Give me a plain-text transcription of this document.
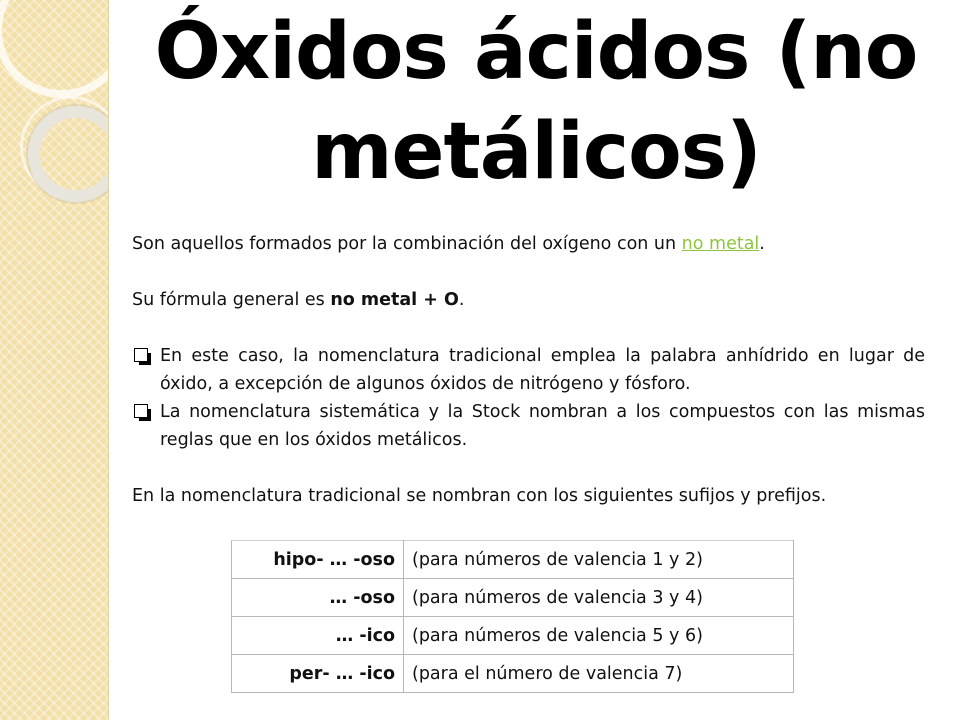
Óxidos ácidos (no
metálicos)

Son aquellos formados por la combinación del oxígeno con un no metal.

Su fórmula general es no metal + O.

En este caso, la nomenclatura tradicional emplea la palabra anhídrido en lugar de óxido, a excepción de algunos óxidos de nitrógeno y fósforo.
La nomenclatura sistemática y la Stock nombran a los compuestos con las mismas reglas que en los óxidos metálicos.

En la nomenclatura tradicional se nombran con los siguientes sufijos y prefijos.

hipo- … -oso	(para números de valencia 1 y 2)
… -oso	(para números de valencia 3 y 4)
… -ico	(para números de valencia 5 y 6)
per- … -ico	(para el número de valencia 7)
